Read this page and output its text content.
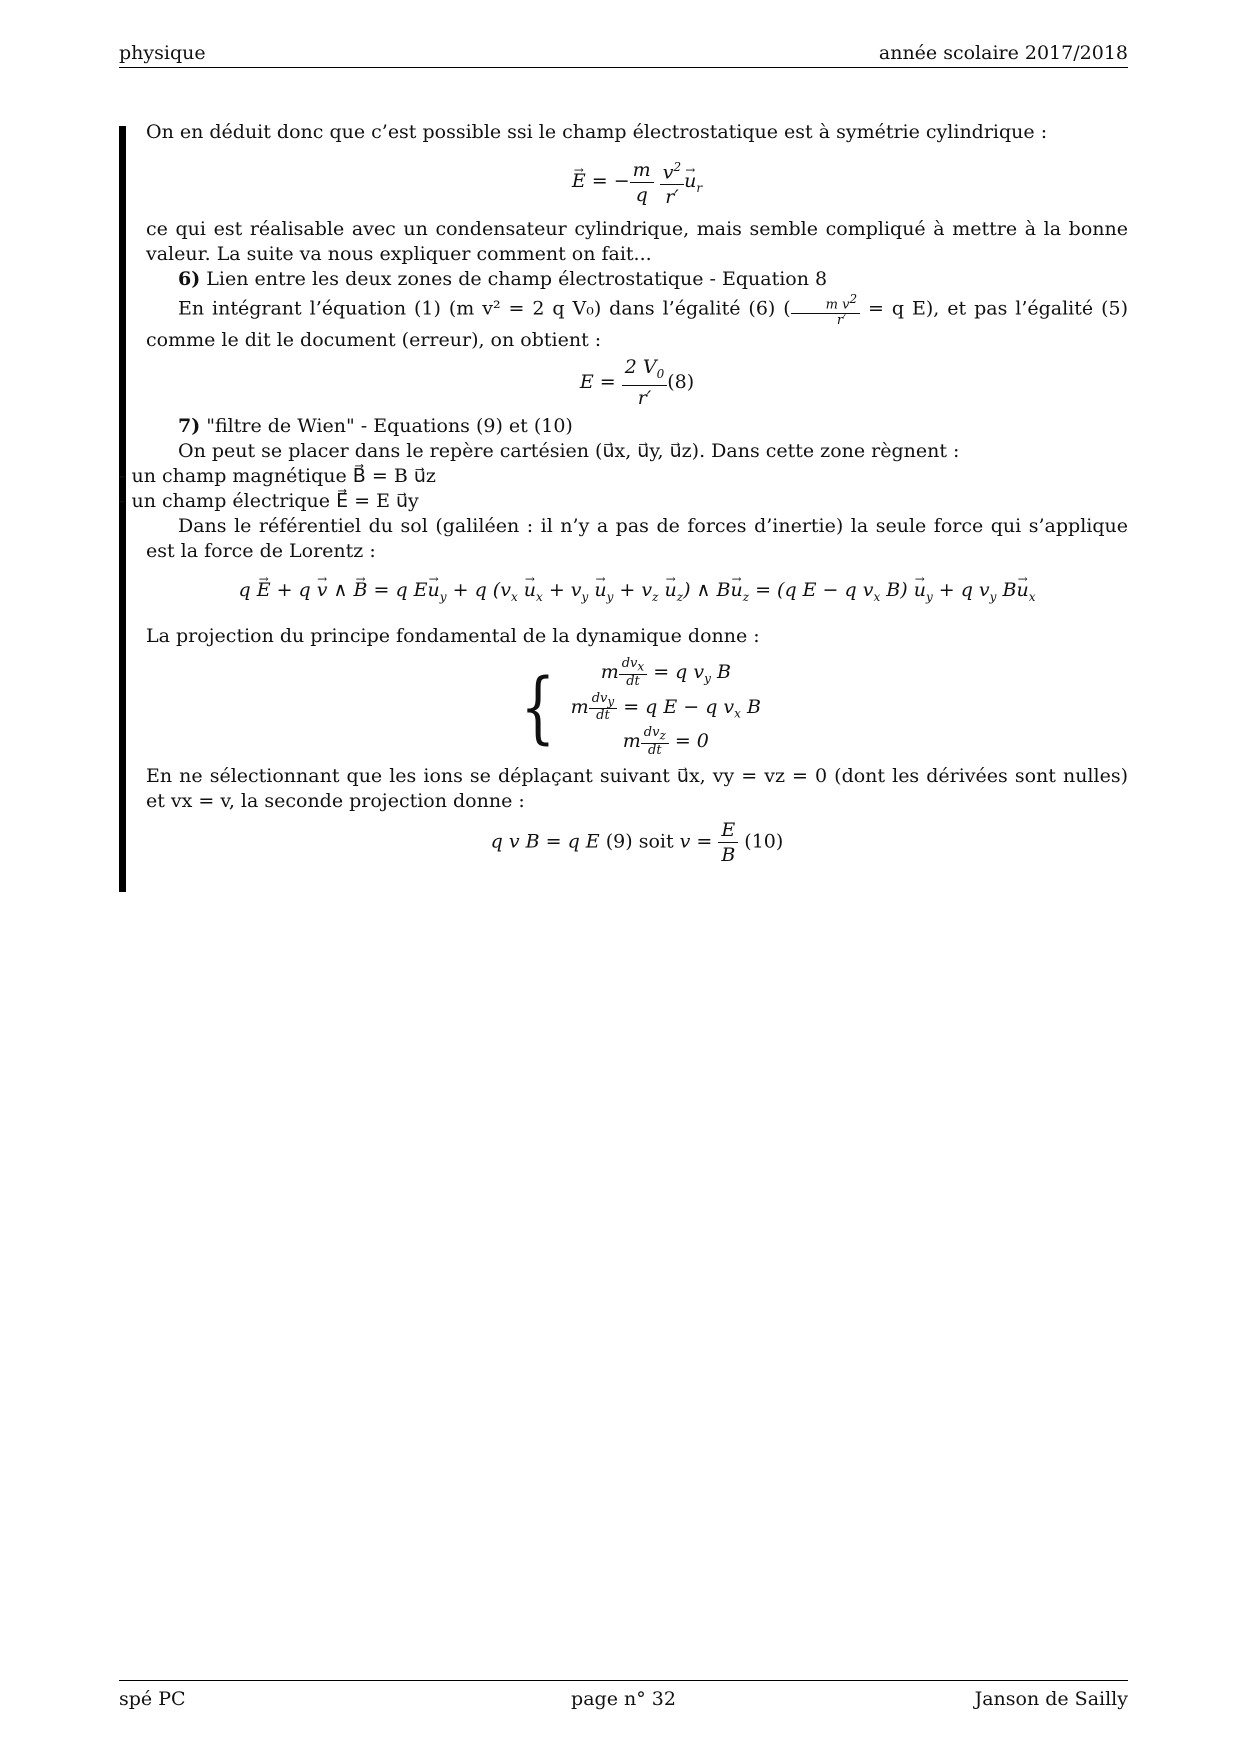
physique	année scolaire 2017/2018

On en déduit donc que c’est possible ssi le champ électrostatique est à symétrie cylindrique :

→ E = − $\frac{m}{q}$
$\frac{v^2}{r'} \to u_r$

ce qui est réalisable avec un condensateur cylindrique, mais semble compliqué à mettre à la bonne valeur. La suite va nous expliquer comment on fait...

6) Lien entre les deux zones de champ électrostatique - Equation 8

En intégrant l’équation (1) (m v² = 2 q V₀) dans l’égalité (6) ( $\frac{m v^2}{r'} = q$ E), et pas l’égalité (5) comme le dit le document (erreur), on obtient :

$E = \frac{2 V_0}{r'} (8)$

7) "filtre de Wien" - Equations (9) et (10)

On peut se placer dans le repère cartésien (u⃗x, u⃗y, u⃗z). Dans cette zone règnent :

- un champ magnétique B⃗ = B u⃗z

- un champ électrique E⃗ = E u⃗y

Dans le référentiel du sol (galiléen : il n’y a pas de forces d’inertie) la seule force qui s’applique est la force de Lorentz :

q → E + q → v ∧ → B = q $E\to u_y + q$ $(v_x \to u_x + v_y \to u_y + v_z \to u_z)$ ∧ $B\to u_z = (q$ E − q $v_x$ $B) \to u_y + q$ $v_y$ $B\to u_x$

La projection du principe fondamental de la dynamique donne :

{ m $\frac{dv_x}{dt} = q$ $v_y$ B
m $\frac{dv_y}{dt} = q$ E − q $v_x$ B
m $\frac{dv_z}{dt} = 0$

En ne sélectionnant que les ions se déplaçant suivant u⃗x, vy = vz = 0 (dont les dérivées sont nulles) et vx = v, la seconde projection donne :

q v B = q E (9) soit $v = \frac{E}{B} (10)$
spé PC	page n° 32	Janson de Sailly
